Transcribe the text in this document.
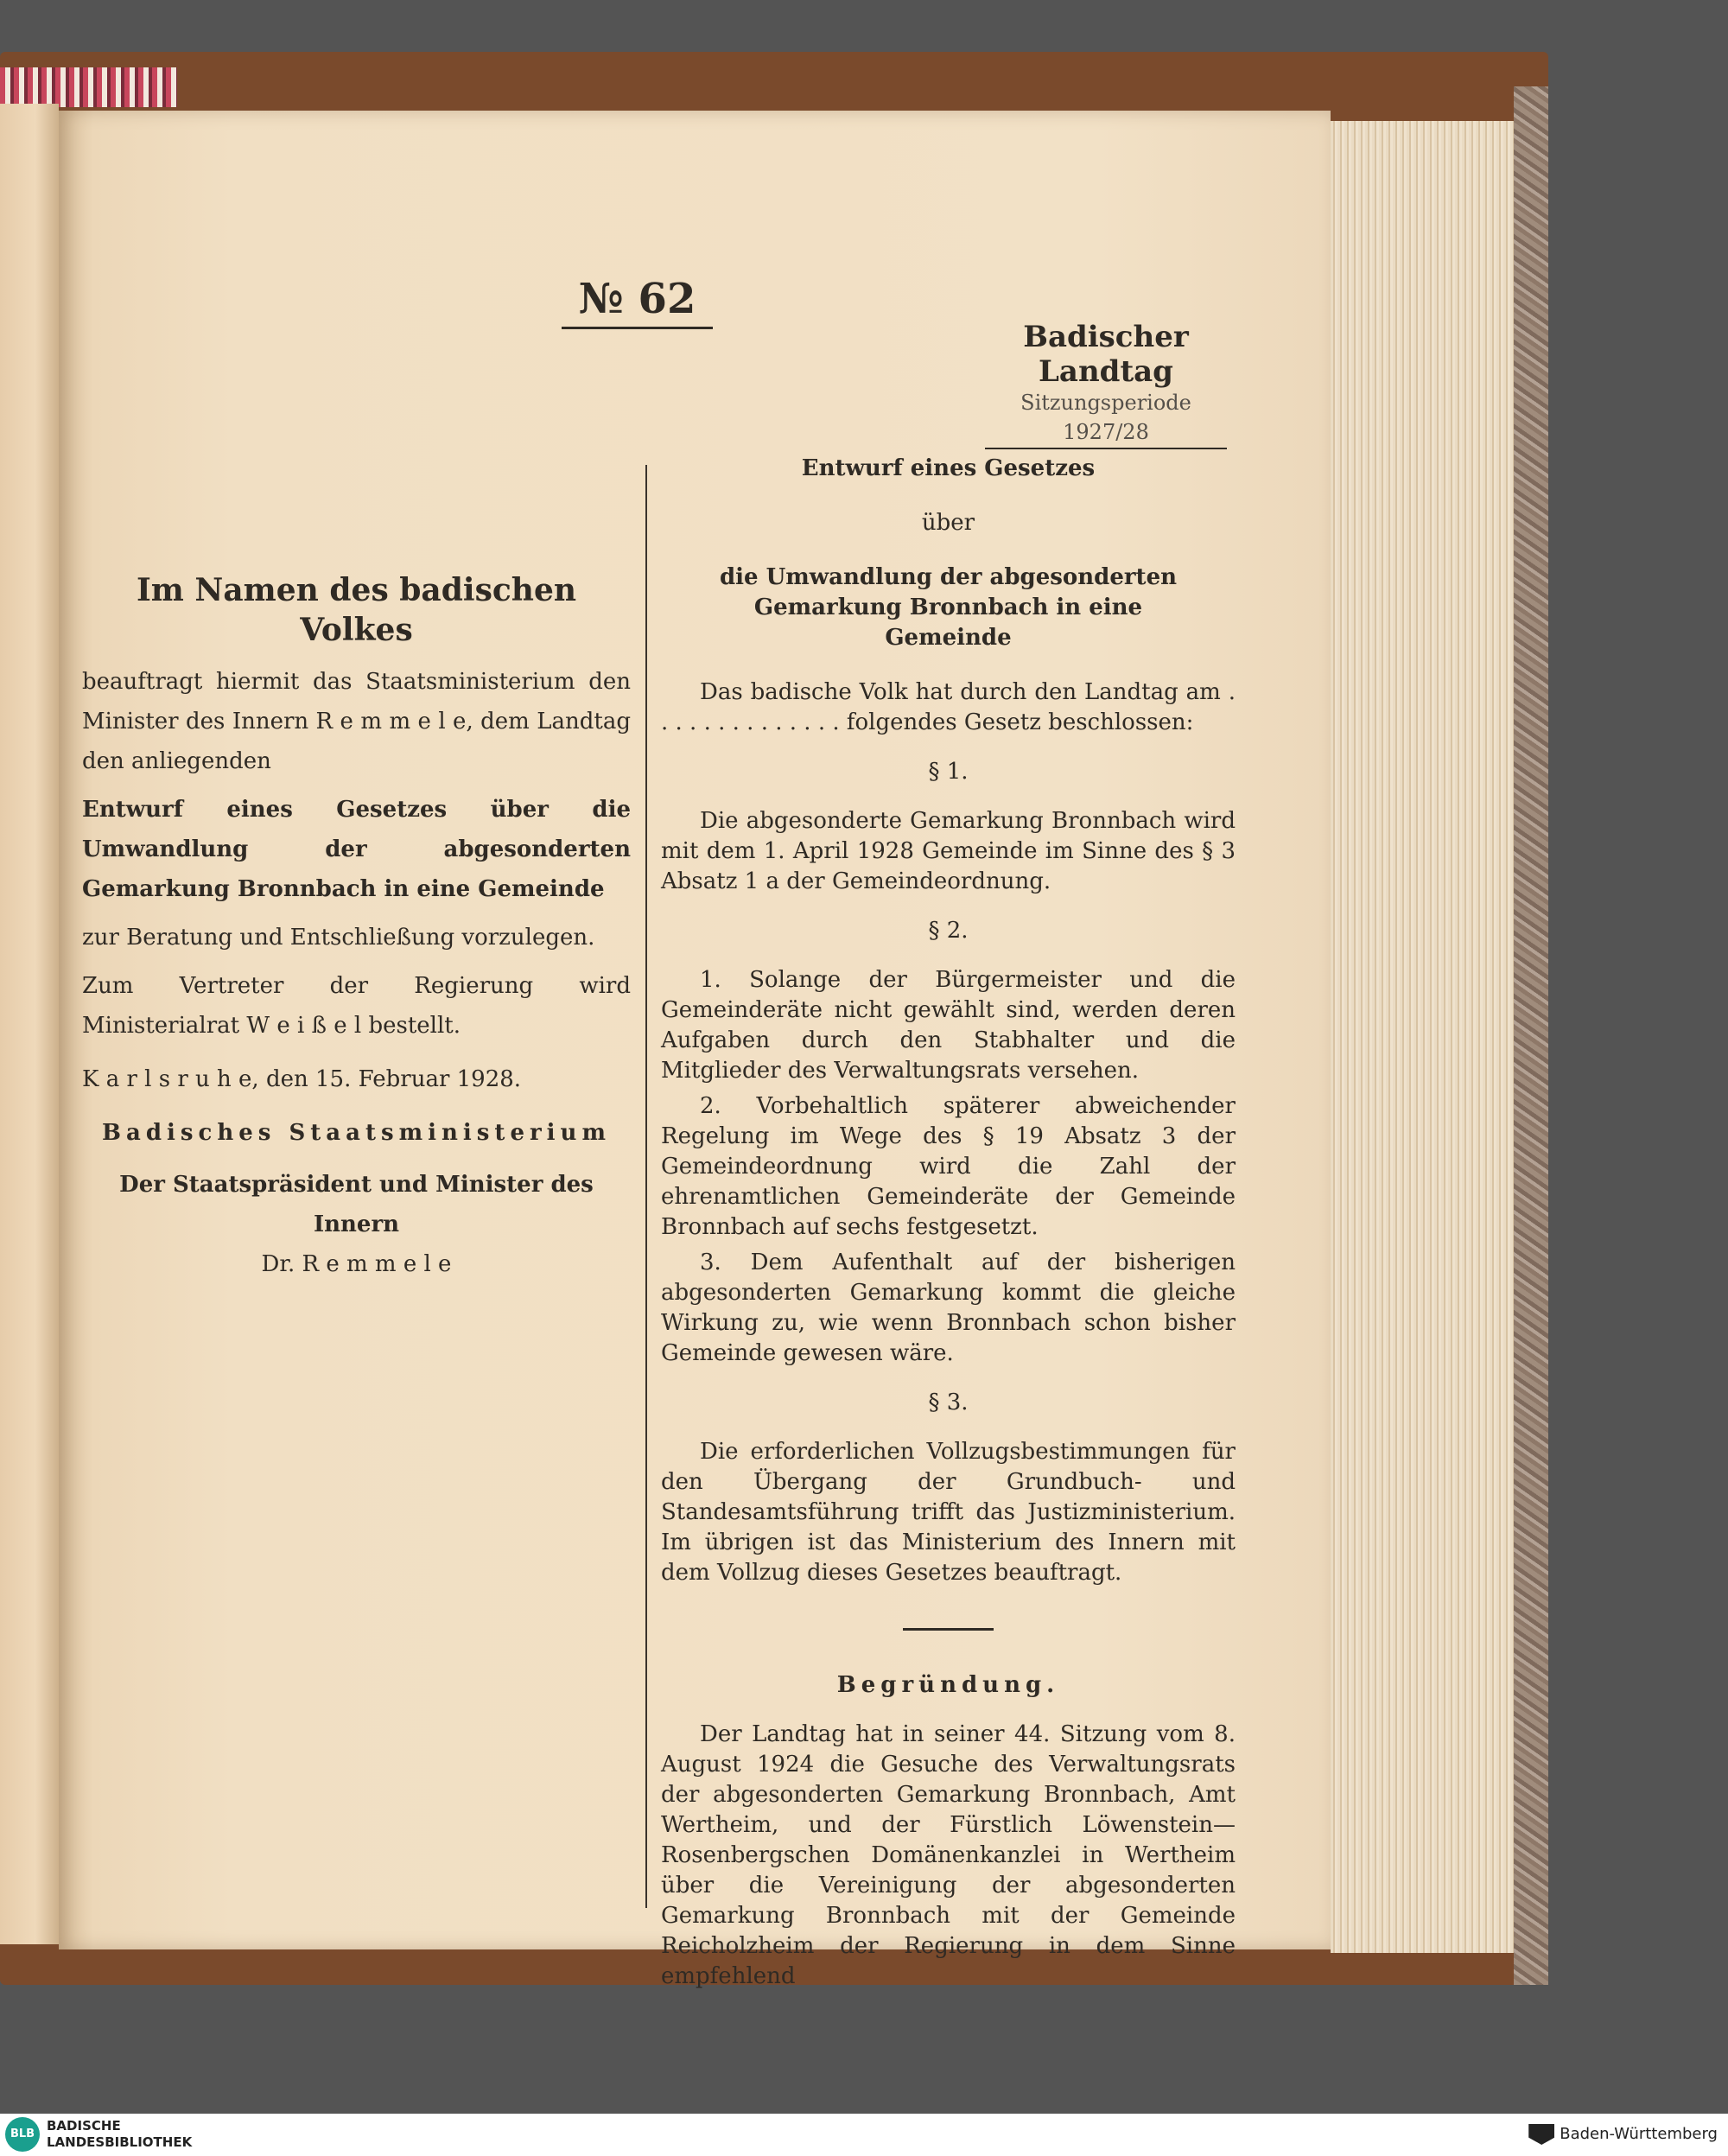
№ 62
Badischer Landtag
Sitzungsperiode
1927/28

Im Namen des badischen Volkes

beauftragt hiermit das Staatsministerium den Minister des Innern R e m m e l e, dem Landtag den anliegenden

Entwurf eines Gesetzes über die Umwandlung der abgesonderten Gemarkung Bronnbach in eine Gemeinde

zur Beratung und Entschließung vorzulegen.

Zum Vertreter der Regierung wird Ministerialrat W e i ß e l bestellt.

K a r l s r u h e, den 15. Februar 1928.

Badisches Staatsministerium

Der Staatspräsident und Minister des Innern

Dr. R e m m e l e

Entwurf eines Gesetzes

über

die Umwandlung der abgesonderten Gemarkung Bronnbach in eine Gemeinde

Das badische Volk hat durch den Landtag am . . . . . . . . . . . . . . folgendes Gesetz beschlossen:

§ 1.

Die abgesonderte Gemarkung Bronnbach wird mit dem 1. April 1928 Gemeinde im Sinne des § 3 Absatz 1 a der Gemeindeordnung.

§ 2.

1. Solange der Bürgermeister und die Gemeinderäte nicht gewählt sind, werden deren Aufgaben durch den Stabhalter und die Mitglieder des Verwaltungsrats versehen.

2. Vorbehaltlich späterer abweichender Regelung im Wege des § 19 Absatz 3 der Gemeindeordnung wird die Zahl der ehrenamtlichen Gemeinderäte der Gemeinde Bronnbach auf sechs festgesetzt.

3. Dem Aufenthalt auf der bisherigen abgesonderten Gemarkung kommt die gleiche Wirkung zu, wie wenn Bronnbach schon bisher Gemeinde gewesen wäre.

§ 3.

Die erforderlichen Vollzugsbestimmungen für den Übergang der Grundbuch- und Standesamtsführung trifft das Justizministerium. Im übrigen ist das Ministerium des Innern mit dem Vollzug dieses Gesetzes beauftragt.

Begründung.

Der Landtag hat in seiner 44. Sitzung vom 8. August 1924 die Gesuche des Verwaltungsrats der abgesonderten Gemarkung Bronnbach, Amt Wertheim, und der Fürstlich Löwenstein—Rosenbergschen Domänenkanzlei in Wertheim über die Vereinigung der abgesonderten Gemarkung Bronnbach mit der Gemeinde Reicholzheim der Regierung in dem Sinne empfehlend

BLB
BADISCHE
LANDESBIBLIOTHEK	Baden-Württemberg
